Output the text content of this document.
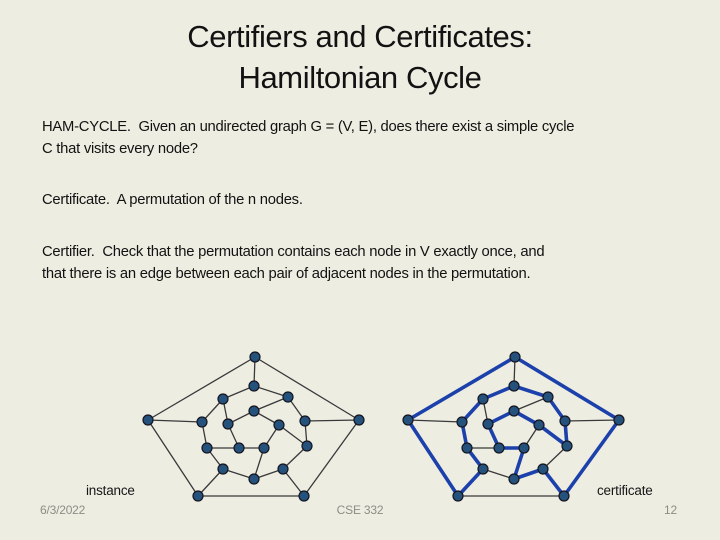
Certifiers and Certificates:
Hamiltonian Cycle
HAM-CYCLE.  Given an undirected graph G = (V, E), does there exist a simple cycle
C that visits every node?
Certificate.  A permutation of the n nodes.
Certifier.  Check that the permutation contains each node in V exactly once, and
that there is an edge between each pair of adjacent nodes in the permutation.
instance	certificate
6/3/2022	CSE 332	12
